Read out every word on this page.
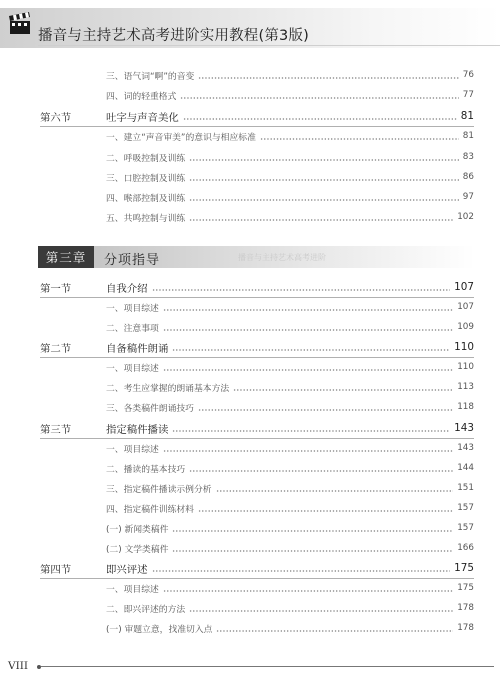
播音与主持艺术高考进阶实用教程(第3版)
三、语气词“啊”的音变	76
四、词的轻重格式	77
第六节	吐字与声音美化	81
一、建立“声音审美”的意识与相应标准	81
二、呼吸控制及训练	83
三、口腔控制及训练	86
四、喉部控制及训练	97
五、共鸣控制与训练	102
播音与主持艺术高考进阶
第三章	分项指导
第一节	自我介绍	107
一、项目综述	107
二、注意事项	109
第二节	自备稿件朗诵	110
一、项目综述	110
二、考生应掌握的朗诵基本方法	113
三、各类稿件朗诵技巧	118
第三节	指定稿件播读	143
一、项目综述	143
二、播读的基本技巧	144
三、指定稿件播读示例分析	151
四、指定稿件训练材料	157
(一) 新闻类稿件	157
(二) 文学类稿件	166
第四节	即兴评述	175
一、项目综述	175
二、即兴评述的方法	178
(一) 审题立意，找准切入点	178
VIII
